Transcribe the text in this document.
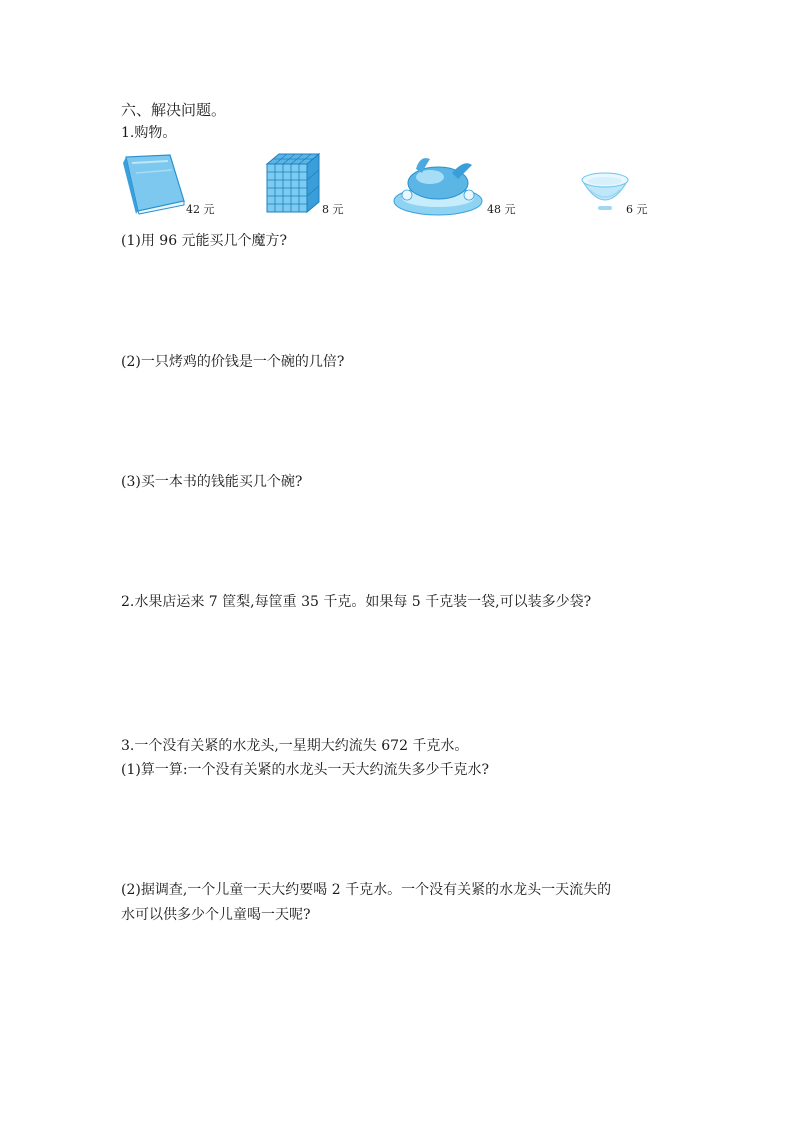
六、解决问题。
1.购物。
42 元	8 元	48 元	6 元
(1)用 96 元能买几个魔方?
(2)一只烤鸡的价钱是一个碗的几倍?
(3)买一本书的钱能买几个碗?
2.水果店运来 7 筐梨,每筐重 35 千克。如果每 5 千克装一袋,可以装多少袋?
3.一个没有关紧的水龙头,一星期大约流失 672 千克水。
(1)算一算:一个没有关紧的水龙头一天大约流失多少千克水?
(2)据调查,一个儿童一天大约要喝 2 千克水。一个没有关紧的水龙头一天流失的
水可以供多少个儿童喝一天呢?
